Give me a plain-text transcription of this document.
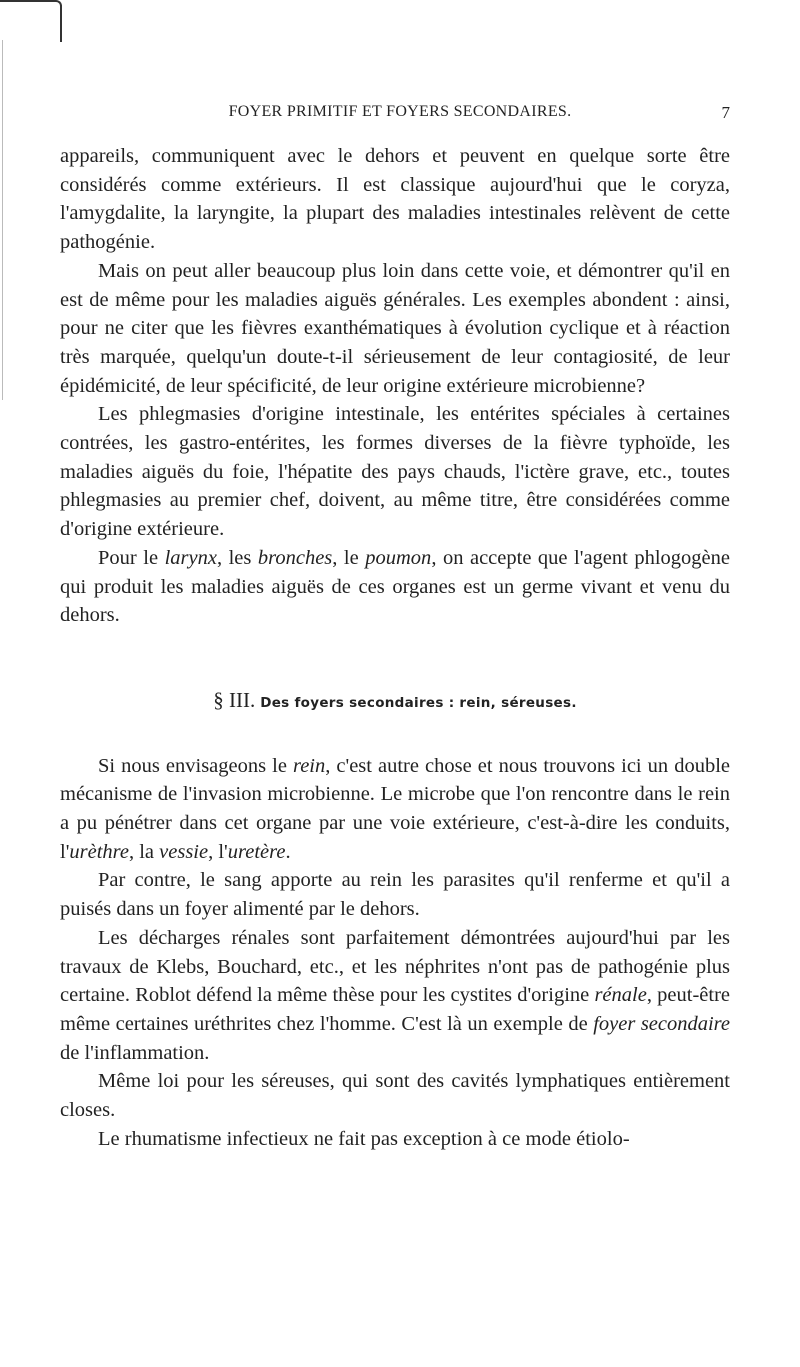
FOYER PRIMITIF ET FOYERS SECONDAIRES.	7

appareils, communiquent avec le dehors et peuvent en quelque sorte être considérés comme extérieurs. Il est classique aujourd'hui que le coryza, l'amygdalite, la laryngite, la plupart des maladies intestinales relèvent de cette pathogénie.

Mais on peut aller beaucoup plus loin dans cette voie, et démontrer qu'il en est de même pour les maladies aiguës générales. Les exemples abondent : ainsi, pour ne citer que les fièvres exanthématiques à évolution cyclique et à réaction très marquée, quelqu'un doute-t-il sérieusement de leur contagiosité, de leur épidémicité, de leur spécificité, de leur origine extérieure microbienne?

Les phlegmasies d'origine intestinale, les entérites spéciales à certaines contrées, les gastro-entérites, les formes diverses de la fièvre typhoïde, les maladies aiguës du foie, l'hépatite des pays chauds, l'ictère grave, etc., toutes phlegmasies au premier chef, doivent, au même titre, être considérées comme d'origine extérieure.

Pour le larynx, les bronches, le poumon, on accepte que l'agent phlogogène qui produit les maladies aiguës de ces organes est un germe vivant et venu du dehors.

§ III. Des foyers secondaires : rein, séreuses.

Si nous envisageons le rein, c'est autre chose et nous trouvons ici un double mécanisme de l'invasion microbienne. Le microbe que l'on rencontre dans le rein a pu pénétrer dans cet organe par une voie extérieure, c'est-à-dire les conduits, l'urèthre, la vessie, l'uretère.

Par contre, le sang apporte au rein les parasites qu'il renferme et qu'il a puisés dans un foyer alimenté par le dehors.

Les décharges rénales sont parfaitement démontrées aujourd'hui par les travaux de Klebs, Bouchard, etc., et les néphrites n'ont pas de pathogénie plus certaine. Roblot défend la même thèse pour les cystites d'origine rénale, peut-être même certaines uréthrites chez l'homme. C'est là un exemple de foyer secondaire de l'inflammation.

Même loi pour les séreuses, qui sont des cavités lymphatiques entièrement closes.

Le rhumatisme infectieux ne fait pas exception à ce mode étiolo-
